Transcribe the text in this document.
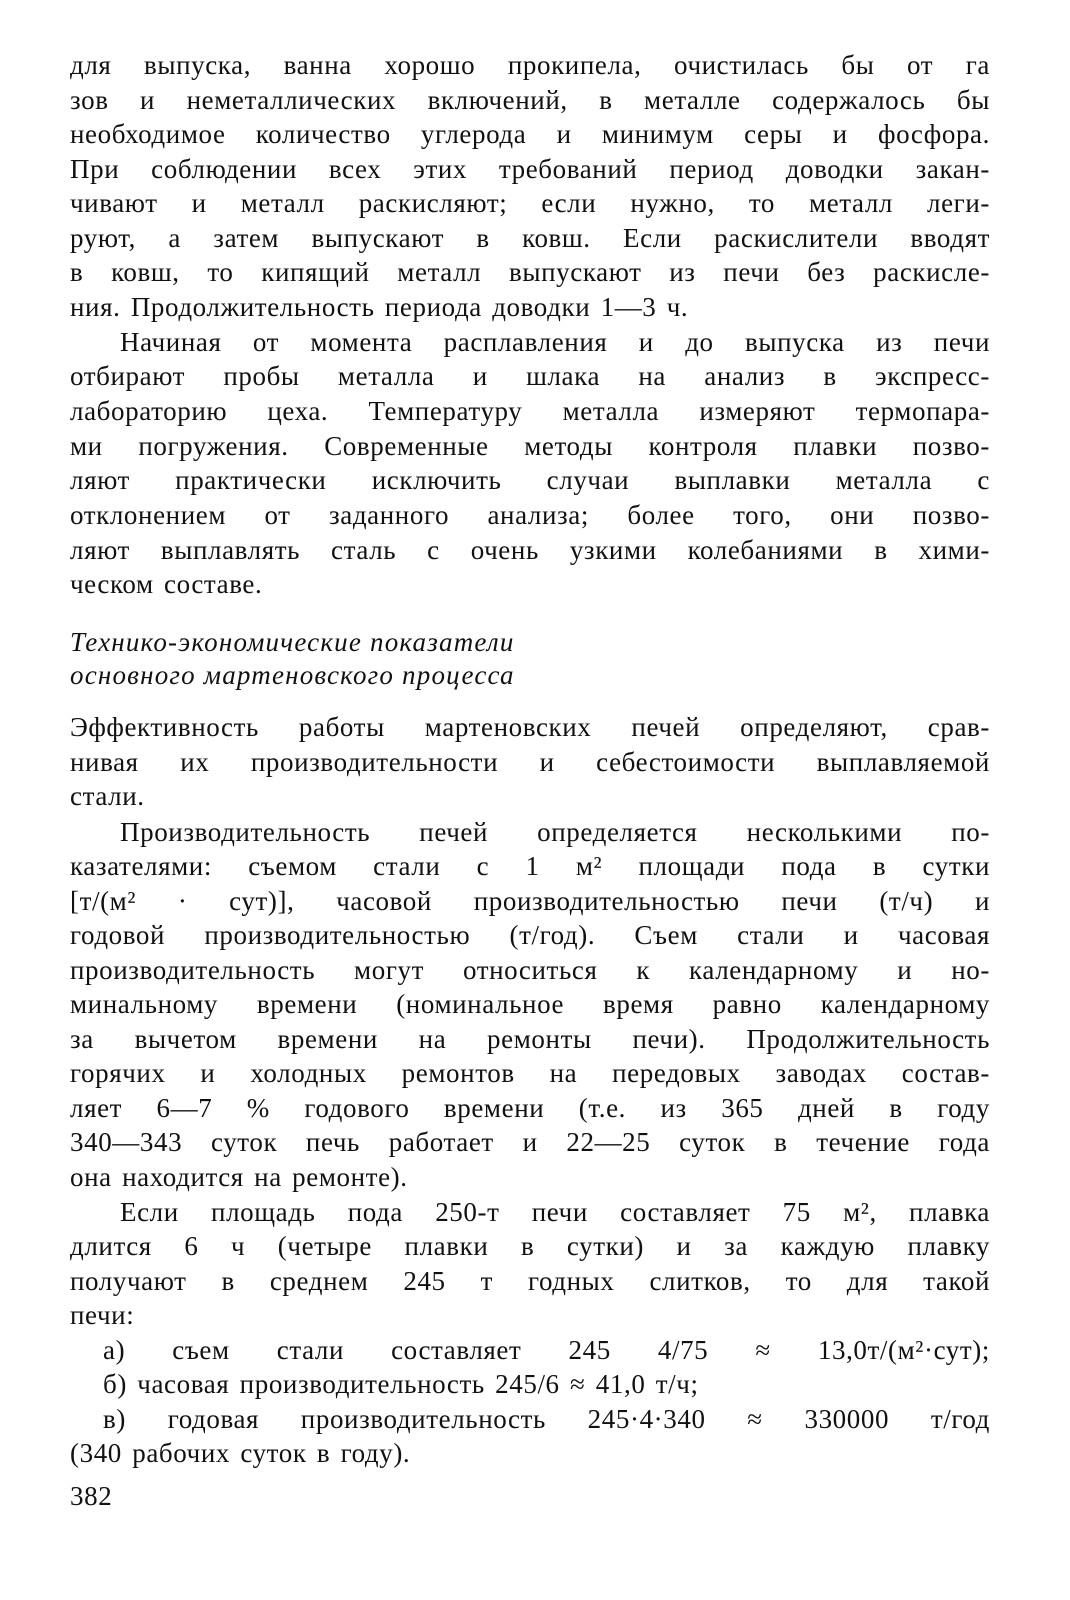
для выпуска, ванна хорошо прокипела, очистилась бы от га
зов и неметаллических включений, в металле содержалось бы
необходимое количество углерода и минимум серы и фосфора.
При соблюдении всех этих требований период доводки закан-
чивают и металл раскисляют; если нужно, то металл леги-
руют, а затем выпускают в ковш. Если раскислители вводят
в ковш, то кипящий металл выпускают из печи без раскисле-
ния. Продолжительность периода доводки 1—3 ч.
Начиная от момента расплавления и до выпуска из печи
отбирают пробы металла и шлака на анализ в экспресс-
лабораторию цеха. Температуру металла измеряют термопара-
ми погружения. Современные методы контроля плавки позво-
ляют практически исключить случаи выплавки металла с
отклонением от заданного анализа; более того, они позво-
ляют выплавлять сталь с очень узкими колебаниями в хими-
ческом составе.
Технико-экономические показатели
основного мартеновского процесса
Эффективность работы мартеновских печей определяют, срав-
нивая их производительности и себестоимости выплавляемой
стали.
Производительность печей определяется несколькими по-
казателями: съемом стали с 1 м² площади пода в сутки
[т/(м² · сут)], часовой производительностью печи (т/ч) и
годовой производительностью (т/год). Съем стали и часовая
производительность могут относиться к календарному и но-
минальному времени (номинальное время равно календарному
за вычетом времени на ремонты печи). Продолжительность
горячих и холодных ремонтов на передовых заводах состав-
ляет 6—7 % годового времени (т.е. из 365 дней в году
340—343 суток печь работает и 22—25 суток в течение года
она находится на ремонте).
Если площадь пода 250-т печи составляет 75 м², плавка
длится 6 ч (четыре плавки в сутки) и за каждую плавку
получают в среднем 245 т годных слитков, то для такой
печи:
а) съем стали составляет 245 4/75 ≈ 13,0т/(м²·сут);
б) часовая производительность 245/6 ≈ 41,0 т/ч;
в) годовая производительность 245·4·340 ≈ 330000 т/год
(340 рабочих суток в году).
382
